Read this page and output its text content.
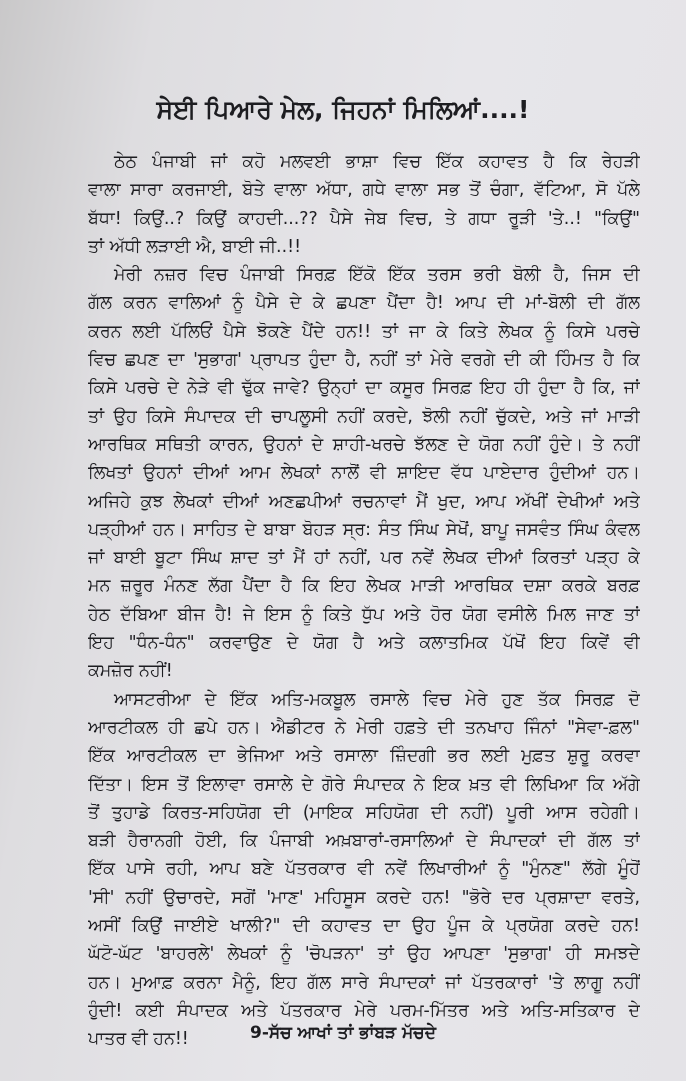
ਸੇਈ ਪਿਆਰੇ ਮੇਲ, ਜਿਹਨਾਂ ਮਿਲਿਆਂ....!

ਠੇਠ ਪੰਜਾਬੀ ਜਾਂ ਕਹੋ ਮਲਵਈ ਭਾਸ਼ਾ ਵਿਚ ਇੱਕ ਕਹਾਵਤ ਹੈ ਕਿ ਰੇਹੜੀ
ਵਾਲਾ ਸਾਰਾ ਕਰਜਾਈ, ਬੋਤੇ ਵਾਲਾ ਅੱਧਾ, ਗਧੇ ਵਾਲਾ ਸਭ ਤੋਂ ਚੰਗਾ, ਵੱਟਿਆ, ਸੋ ਪੱਲੇ
ਬੱਧਾ! ਕਿਉਂ..? ਕਿਉਂ ਕਾਹਦੀ...?? ਪੈਸੇ ਜੇਬ ਵਿਚ, ਤੇ ਗਧਾ ਰੂੜੀ 'ਤੇ..! "ਕਿਉਂ"
ਤਾਂ ਅੱਧੀ ਲੜਾਈ ਐ, ਬਾਈ ਜੀ..!!

ਮੇਰੀ ਨਜ਼ਰ ਵਿਚ ਪੰਜਾਬੀ ਸਿਰਫ਼ ਇੱਕੋ ਇੱਕ ਤਰਸ ਭਰੀ ਬੋਲੀ ਹੈ, ਜਿਸ ਦੀ
ਗੱਲ ਕਰਨ ਵਾਲਿਆਂ ਨੂੰ ਪੈਸੇ ਦੇ ਕੇ ਛਪਣਾ ਪੈਂਦਾ ਹੈ! ਆਪ ਦੀ ਮਾਂ-ਬੋਲੀ ਦੀ ਗੱਲ
ਕਰਨ ਲਈ ਪੱਲਿਓਂ ਪੈਸੇ ਝੋਕਣੇ ਪੈਂਦੇ ਹਨ!! ਤਾਂ ਜਾ ਕੇ ਕਿਤੇ ਲੇਖਕ ਨੂੰ ਕਿਸੇ ਪਰਚੇ
ਵਿਚ ਛਪਣ ਦਾ 'ਸੁਭਾਗ' ਪ੍ਰਾਪਤ ਹੁੰਦਾ ਹੈ, ਨਹੀਂ ਤਾਂ ਮੇਰੇ ਵਰਗੇ ਦੀ ਕੀ ਹਿੰਮਤ ਹੈ ਕਿ
ਕਿਸੇ ਪਰਚੇ ਦੇ ਨੇੜੇ ਵੀ ਢੁੱਕ ਜਾਵੇ? ਉਨ੍ਹਾਂ ਦਾ ਕਸੂਰ ਸਿਰਫ਼ ਇਹ ਹੀ ਹੁੰਦਾ ਹੈ ਕਿ, ਜਾਂ
ਤਾਂ ਉਹ ਕਿਸੇ ਸੰਪਾਦਕ ਦੀ ਚਾਪਲੂਸੀ ਨਹੀਂ ਕਰਦੇ, ਝੋਲੀ ਨਹੀਂ ਚੁੱਕਦੇ, ਅਤੇ ਜਾਂ ਮਾੜੀ
ਆਰਥਿਕ ਸਥਿਤੀ ਕਾਰਨ, ਉਹਨਾਂ ਦੇ ਸ਼ਾਹੀ-ਖਰਚੇ ਝੱਲਣ ਦੇ ਯੋਗ ਨਹੀਂ ਹੁੰਦੇ। ਤੇ ਨਹੀਂ
ਲਿਖਤਾਂ ਉਹਨਾਂ ਦੀਆਂ ਆਮ ਲੇਖਕਾਂ ਨਾਲੋਂ ਵੀ ਸ਼ਾਇਦ ਵੱਧ ਪਾਏਦਾਰ ਹੁੰਦੀਆਂ ਹਨ।
ਅਜਿਹੇ ਕੁਝ ਲੇਖਕਾਂ ਦੀਆਂ ਅਣਛਪੀਆਂ ਰਚਨਾਵਾਂ ਮੈਂ ਖੁਦ, ਆਪ ਅੱਖੀਂ ਦੇਖੀਆਂ ਅਤੇ
ਪੜ੍ਹੀਆਂ ਹਨ। ਸਾਹਿਤ ਦੇ ਬਾਬਾ ਬੋਹੜ ਸ੍ਰ: ਸੰਤ ਸਿੰਘ ਸੇਖੋਂ, ਬਾਪੂ ਜਸਵੰਤ ਸਿੰਘ ਕੰਵਲ
ਜਾਂ ਬਾਈ ਬੂਟਾ ਸਿੰਘ ਸ਼ਾਦ ਤਾਂ ਮੈਂ ਹਾਂ ਨਹੀਂ, ਪਰ ਨਵੇਂ ਲੇਖਕ ਦੀਆਂ ਕਿਰਤਾਂ ਪੜ੍ਹ ਕੇ
ਮਨ ਜ਼ਰੂਰ ਮੰਨਣ ਲੱਗ ਪੈਂਦਾ ਹੈ ਕਿ ਇਹ ਲੇਖਕ ਮਾੜੀ ਆਰਥਿਕ ਦਸ਼ਾ ਕਰਕੇ ਬਰਫ਼
ਹੇਠ ਦੱਬਿਆ ਬੀਜ ਹੈ! ਜੇ ਇਸ ਨੂੰ ਕਿਤੇ ਧੁੱਪ ਅਤੇ ਹੋਰ ਯੋਗ ਵਸੀਲੇ ਮਿਲ ਜਾਣ ਤਾਂ
ਇਹ "ਧੰਨ-ਧੰਨ" ਕਰਵਾਉਣ ਦੇ ਯੋਗ ਹੈ ਅਤੇ ਕਲਾਤਮਿਕ ਪੱਖੋਂ ਇਹ ਕਿਵੇਂ ਵੀ
ਕਮਜ਼ੋਰ ਨਹੀਂ!

ਆਸਟਰੀਆ ਦੇ ਇੱਕ ਅਤਿ-ਮਕਬੂਲ ਰਸਾਲੇ ਵਿਚ ਮੇਰੇ ਹੁਣ ਤੱਕ ਸਿਰਫ਼ ਦੋ
ਆਰਟੀਕਲ ਹੀ ਛਪੇ ਹਨ। ਐਡੀਟਰ ਨੇ ਮੇਰੀ ਹਫ਼ਤੇ ਦੀ ਤਨਖਾਹ ਜਿੰਨਾਂ "ਸੇਵਾ-ਫ਼ਲ"
ਇੱਕ ਆਰਟੀਕਲ ਦਾ ਭੇਜਿਆ ਅਤੇ ਰਸਾਲਾ ਜ਼ਿੰਦਗੀ ਭਰ ਲਈ ਮੁਫ਼ਤ ਸ਼ੁਰੂ ਕਰਵਾ
ਦਿੱਤਾ। ਇਸ ਤੋਂ ਇਲਾਵਾ ਰਸਾਲੇ ਦੇ ਗੋਰੇ ਸੰਪਾਦਕ ਨੇ ਇਕ ਖ਼ਤ ਵੀ ਲਿਖਿਆ ਕਿ ਅੱਗੇ
ਤੋਂ ਤੁਹਾਡੇ ਕਿਰਤ-ਸਹਿਯੋਗ ਦੀ (ਮਾਇਕ ਸਹਿਯੋਗ ਦੀ ਨਹੀਂ) ਪੂਰੀ ਆਸ ਰਹੇਗੀ।
ਬੜੀ ਹੈਰਾਨਗੀ ਹੋਈ, ਕਿ ਪੰਜਾਬੀ ਅਖ਼ਬਾਰਾਂ-ਰਸਾਲਿਆਂ ਦੇ ਸੰਪਾਦਕਾਂ ਦੀ ਗੱਲ ਤਾਂ
ਇੱਕ ਪਾਸੇ ਰਹੀ, ਆਪ ਬਣੇ ਪੱਤਰਕਾਰ ਵੀ ਨਵੇਂ ਲਿਖਾਰੀਆਂ ਨੂੰ "ਮੁੰਨਣ" ਲੱਗੇ ਮੂੰਹੋਂ
'ਸੀ' ਨਹੀਂ ਉਚਾਰਦੇ, ਸਗੋਂ 'ਮਾਣ' ਮਹਿਸੂਸ ਕਰਦੇ ਹਨ! "ਭੋਰੇ ਦਰ ਪ੍ਰਸ਼ਾਦਾ ਵਰਤੇ,
ਅਸੀਂ ਕਿਉਂ ਜਾਈਏ ਖਾਲੀ?" ਦੀ ਕਹਾਵਤ ਦਾ ਉਹ ਪੂੰਜ ਕੇ ਪ੍ਰਯੋਗ ਕਰਦੇ ਹਨ!
ਘੱਟੋ-ਘੱਟ 'ਬਾਹਰਲੇ' ਲੇਖਕਾਂ ਨੂੰ 'ਚੋਪੜਨਾ' ਤਾਂ ਉਹ ਆਪਣਾ 'ਸੁਭਾਗ' ਹੀ ਸਮਝਦੇ
ਹਨ। ਮੁਆਫ਼ ਕਰਨਾ ਮੈਨੂੰ, ਇਹ ਗੱਲ ਸਾਰੇ ਸੰਪਾਦਕਾਂ ਜਾਂ ਪੱਤਰਕਾਰਾਂ 'ਤੇ ਲਾਗੂ ਨਹੀਂ
ਹੁੰਦੀ! ਕਈ ਸੰਪਾਦਕ ਅਤੇ ਪੱਤਰਕਾਰ ਮੇਰੇ ਪਰਮ-ਮਿੱਤਰ ਅਤੇ ਅਤਿ-ਸਤਿਕਾਰ ਦੇ
ਪਾਤਰ ਵੀ ਹਨ!!	9-ਸੱਚ ਆਖਾਂ ਤਾਂ ਭਾਂਬੜ ਮੱਚਦੇ
